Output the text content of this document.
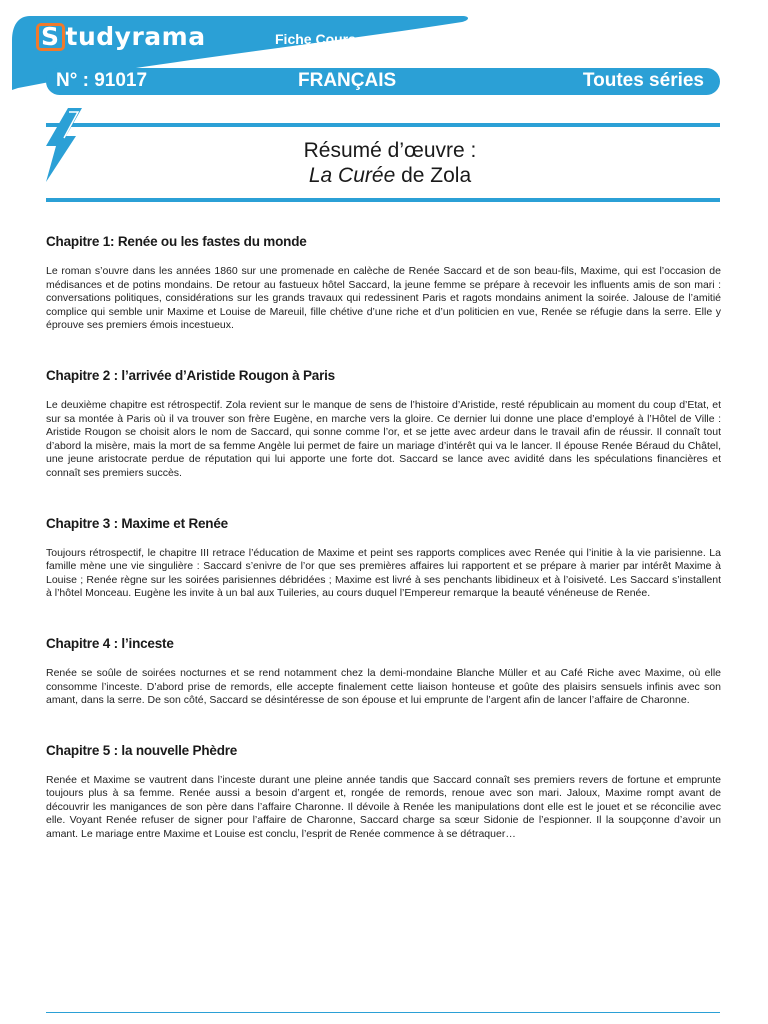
S tudyrama	Fiche Cours
N° : 91017	FRANÇAIS	Toutes séries
Résumé d’œuvre :
La Curée de Zola
Chapitre 1: Renée ou les fastes du monde

Le roman s’ouvre dans les années 1860 sur une promenade en calèche de Renée Saccard et de son beau-fils, Maxime, qui est l’occasion de médisances et de potins mondains. De retour au fastueux hôtel Saccard, la jeune femme se prépare à recevoir les influents amis de son mari : conversations politiques, considérations sur les grands travaux qui redessinent Paris et ragots mondains animent la soirée. Jalouse de l’amitié complice qui semble unir Maxime et Louise de Mareuil, fille chétive d’une riche et d’un politicien en vue, Renée se réfugie dans la serre. Elle y éprouve ses premiers émois incestueux.

Chapitre 2 : l’arrivée d’Aristide Rougon à Paris

Le deuxième chapitre est rétrospectif. Zola revient sur le manque de sens de l’histoire d’Aristide, resté républicain au moment du coup d’Etat, et sur sa montée à Paris où il va trouver son frère Eugène, en marche vers la gloire. Ce dernier lui donne une place d’employé à l’Hôtel de Ville : Aristide Rougon se choisit alors le nom de Saccard, qui sonne comme l’or, et se jette avec ardeur dans le travail afin de réussir. Il connaît tout d’abord la misère, mais la mort de sa femme Angèle lui permet de faire un mariage d’intérêt qui va le lancer. Il épouse Renée Béraud du Châtel, une jeune aristocrate perdue de réputation qui lui apporte une forte dot. Saccard se lance avec avidité dans les spéculations financières et connaît ses premiers succès.

Chapitre 3 : Maxime et Renée

Toujours rétrospectif, le chapitre III retrace l’éducation de Maxime et peint ses rapports complices avec Renée qui l’initie à la vie parisienne. La famille mène une vie singulière : Saccard s’enivre de l’or que ses premières affaires lui rapportent et se prépare à marier par intérêt Maxime à Louise ; Renée règne sur les soirées parisiennes débridées ; Maxime est livré à ses penchants libidineux et à l’oisiveté. Les Saccard s’installent à l’hôtel Monceau. Eugène les invite à un bal aux Tuileries, au cours duquel l’Empereur remarque la beauté vénéneuse de Renée.

Chapitre 4 : l’inceste

Renée se soûle de soirées nocturnes et se rend notamment chez la demi-mondaine Blanche Müller et au Café Riche avec Maxime, où elle consomme l’inceste. D’abord prise de remords, elle accepte finalement cette liaison honteuse et goûte des plaisirs sensuels infinis avec son amant, dans la serre. De son côté, Saccard se désintéresse de son épouse et lui emprunte de l’argent afin de lancer l’affaire de Charonne.

Chapitre 5 : la nouvelle Phèdre

Renée et Maxime se vautrent dans l’inceste durant une pleine année tandis que Saccard connaît ses premiers revers de fortune et emprunte toujours plus à sa femme. Renée aussi a besoin d’argent et, rongée de remords, renoue avec son mari. Jaloux, Maxime rompt avant de découvrir les manigances de son père dans l’affaire Charonne. Il dévoile à Renée les manipulations dont elle est le jouet et se réconcilie avec elle. Voyant Renée refuser de signer pour l’affaire de Charonne, Saccard charge sa sœur Sidonie de l’espionner. Il la soupçonne d’avoir un amant. Le mariage entre Maxime et Louise est conclu, l’esprit de Renée commence à se détraquer…
